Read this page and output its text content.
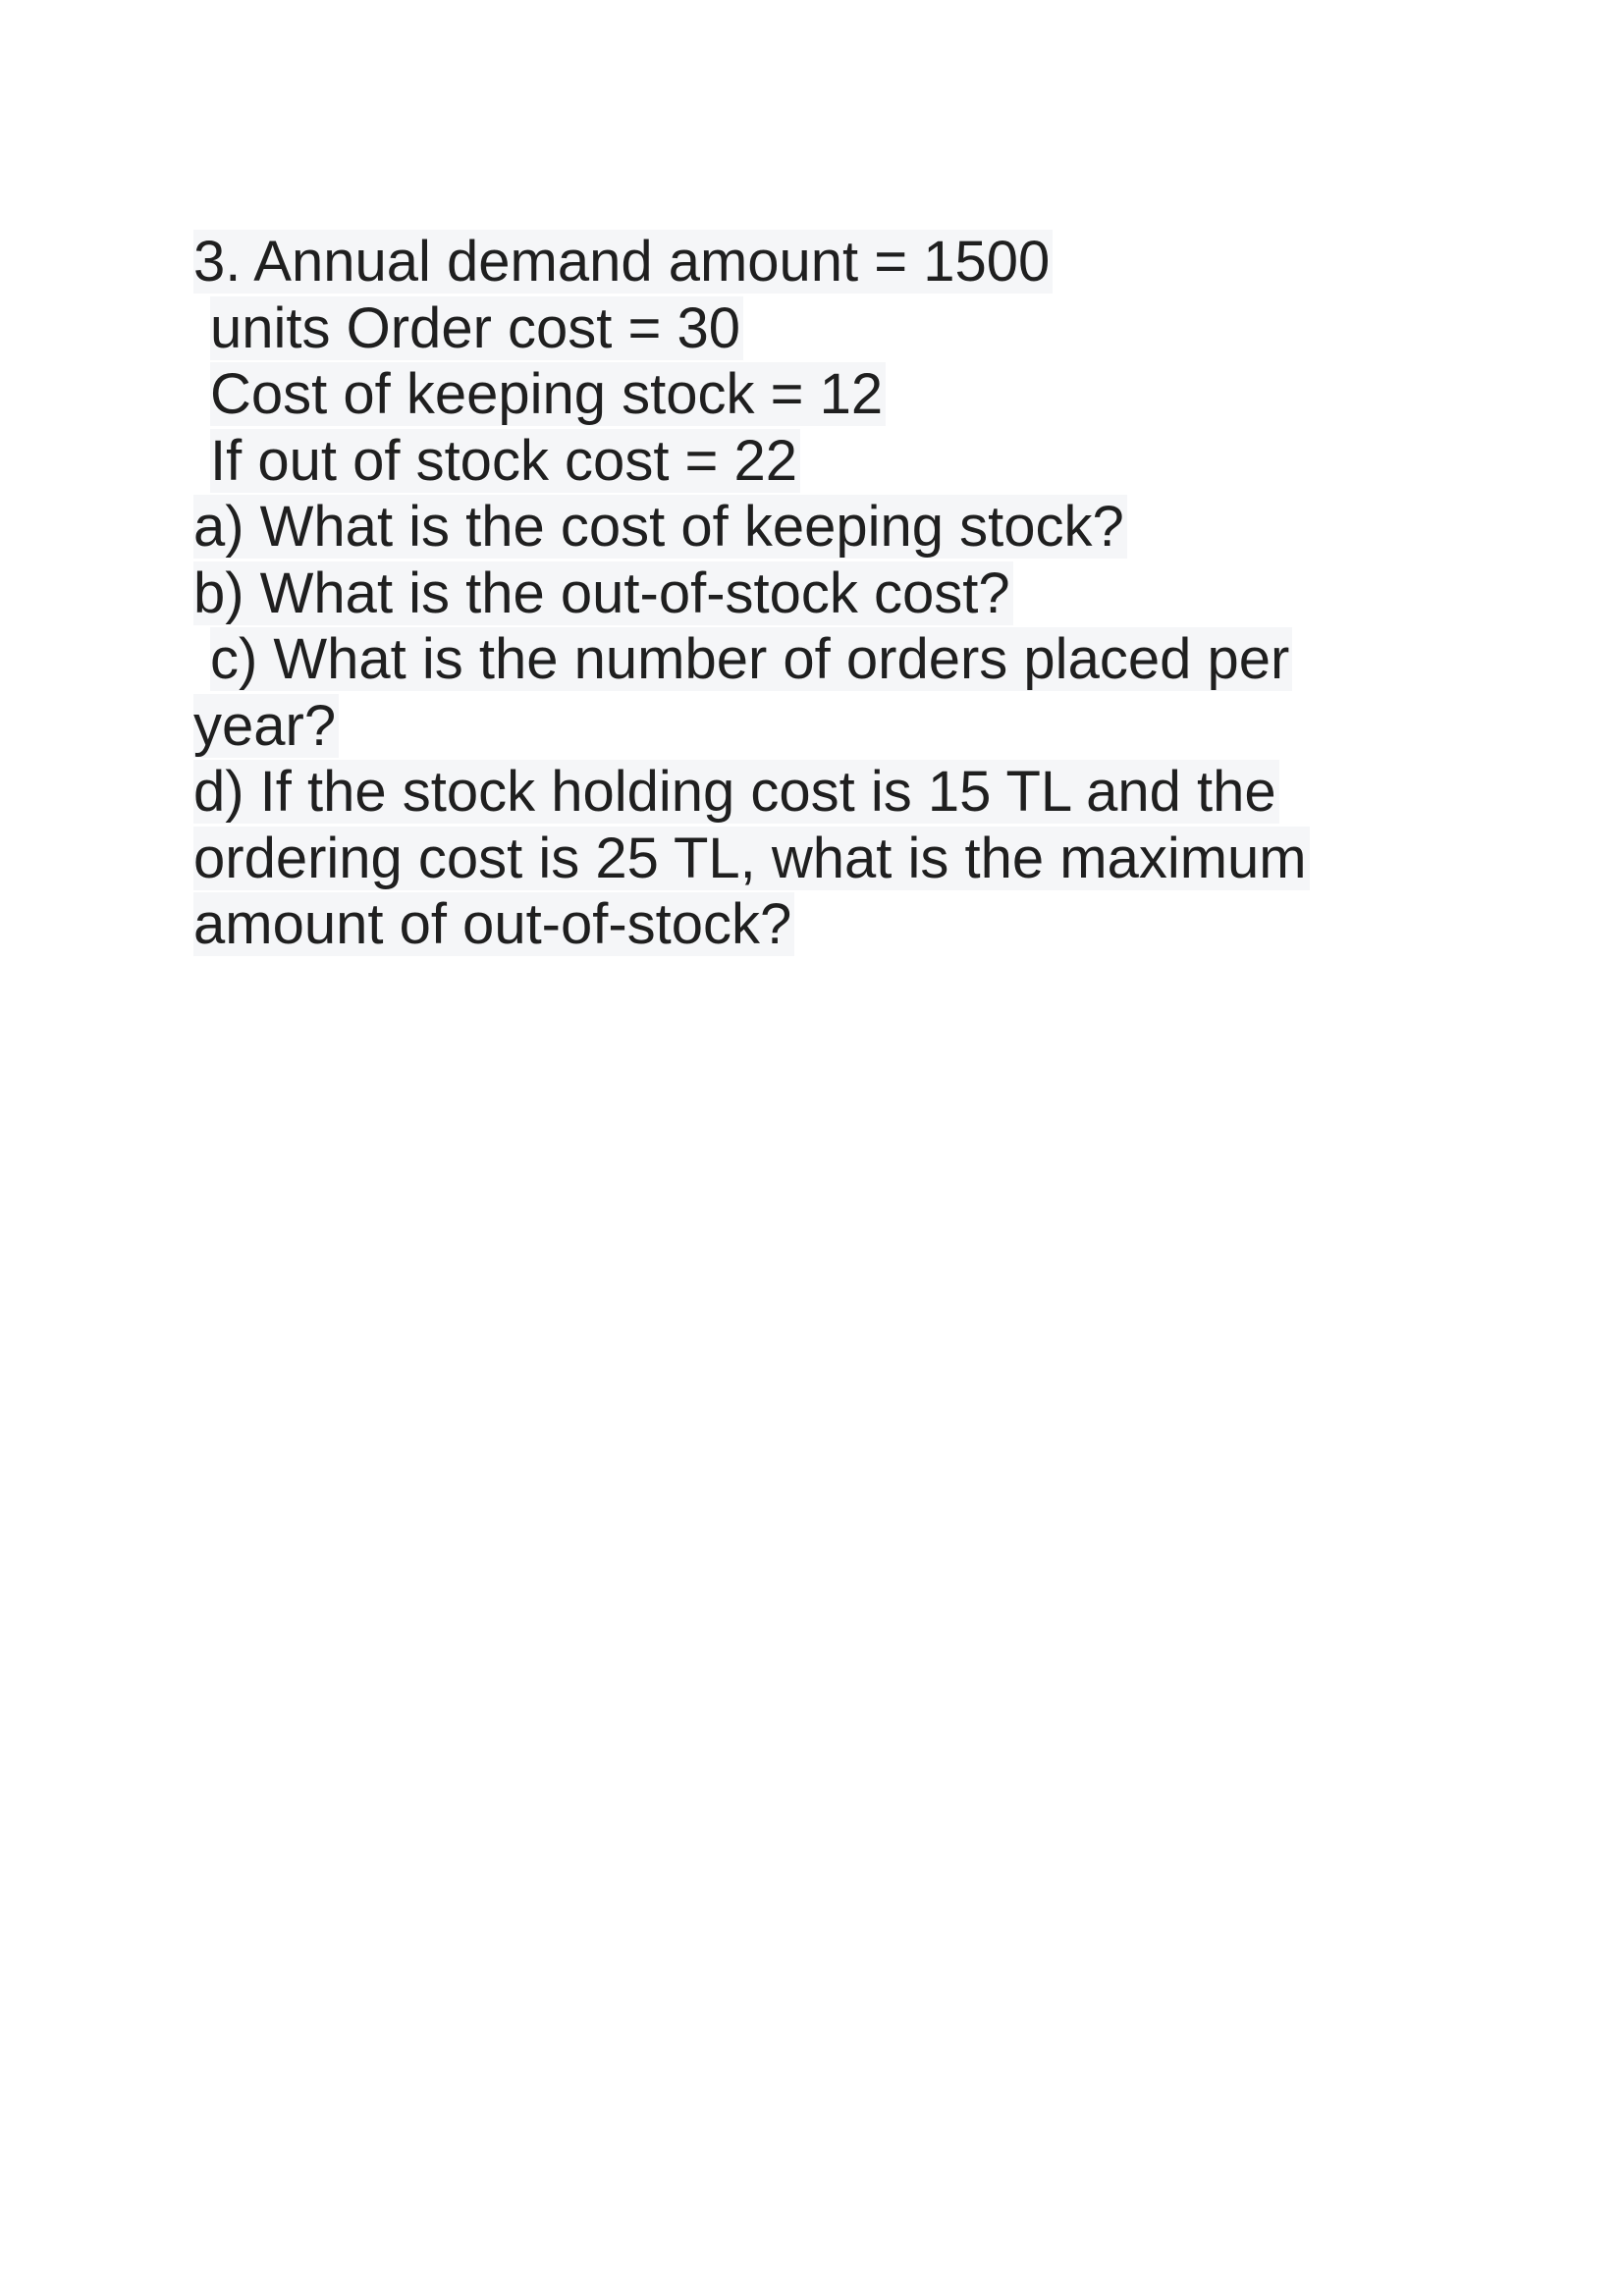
3. Annual demand amount = 1500
units Order cost = 30
Cost of keeping stock = 12
If out of stock cost = 22
a) What is the cost of keeping stock?
b) What is the out-of-stock cost?
c) What is the number of orders placed per
year?
d) If the stock holding cost is 15 TL and the
ordering cost is 25 TL, what is the maximum
amount of out-of-stock?
